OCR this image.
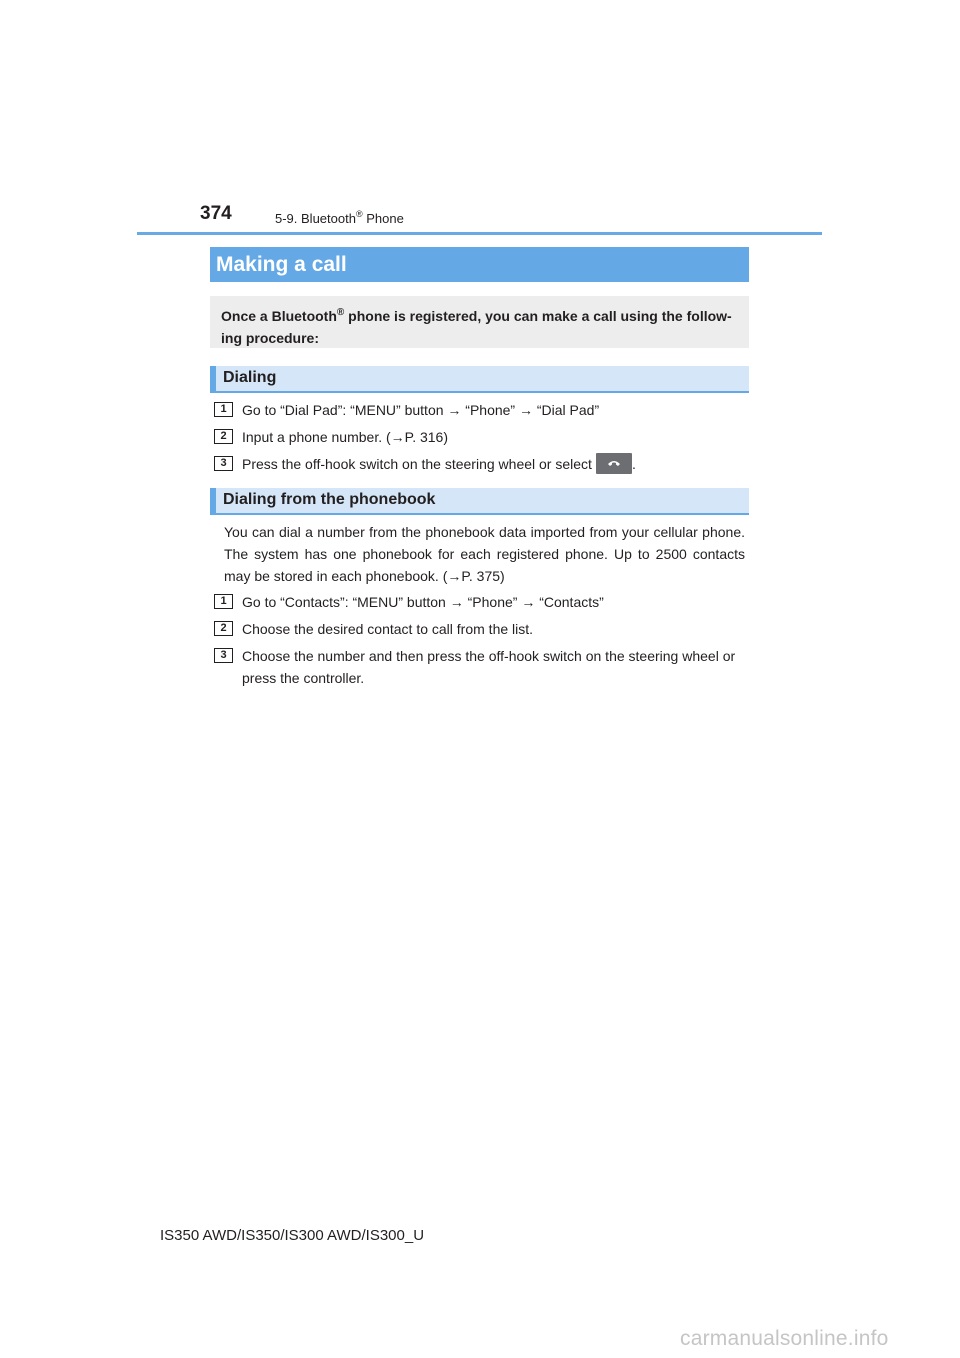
374	5-9. Bluetooth® Phone
Making a call
Once a Bluetooth® phone is registered, you can make a call using the follow-ing procedure:
Dialing
1	Go to “Dial Pad”: “MENU” button → “Phone” → “Dial Pad”
2	Input a phone number. (→P. 316)
3	Press the off-hook switch on the steering wheel or select	.
Dialing from the phonebook
You can dial a number from the phonebook data imported from your cellular phone. The system has one phonebook for each registered phone. Up to 2500 contacts may be stored in each phonebook. (→P. 375)
1	Go to “Contacts”: “MENU” button → “Phone” → “Contacts”
2	Choose the desired contact to call from the list.
3	Choose the number and then press the off-hook switch on the steering wheel or press the controller.
IS350 AWD/IS350/IS300 AWD/IS300_U
carmanualsonline.info
